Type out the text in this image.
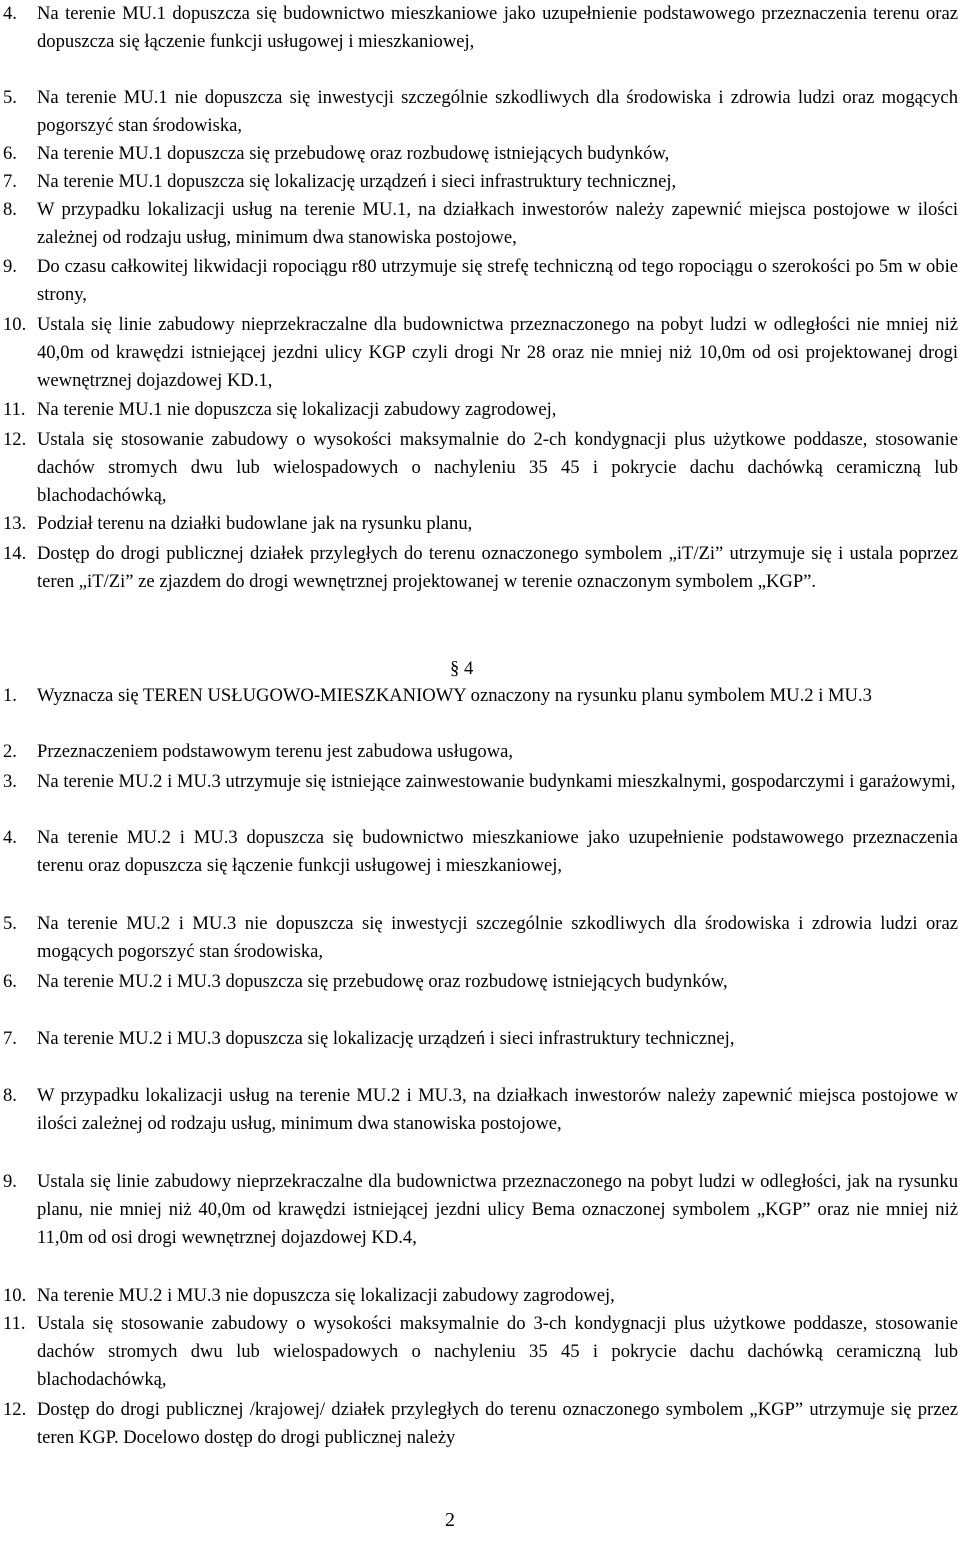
4. Na terenie MU.1 dopuszcza się budownictwo mieszkaniowe jako uzupełnienie podstawowego przeznaczenia terenu oraz dopuszcza się łączenie funkcji usługowej i mieszkaniowej,
5. Na terenie MU.1 nie dopuszcza się inwestycji szczególnie szkodliwych dla środowiska i zdrowia ludzi oraz mogących pogorszyć stan środowiska,
6. Na terenie MU.1 dopuszcza się przebudowę oraz rozbudowę istniejących budynków,
7. Na terenie MU.1 dopuszcza się lokalizację urządzeń i sieci infrastruktury technicznej,
8. W przypadku lokalizacji usług na terenie MU.1, na działkach inwestorów należy zapewnić miejsca postojowe w ilości zależnej od rodzaju usług, minimum dwa stanowiska postojowe,
9. Do czasu całkowitej likwidacji ropociągu r80 utrzymuje się strefę techniczną od tego ropociągu o szerokości po 5m w obie strony,
10. Ustala się linie zabudowy nieprzekraczalne dla budownictwa przeznaczonego na pobyt ludzi w odległości nie mniej niż 40,0m od krawędzi istniejącej jezdni ulicy KGP czyli drogi Nr 28 oraz nie mniej niż 10,0m od osi projektowanej drogi wewnętrznej dojazdowej KD.1,
11. Na terenie MU.1 nie dopuszcza się lokalizacji zabudowy zagrodowej,
12. Ustala się stosowanie zabudowy o wysokości maksymalnie do 2-ch kondygnacji plus użytkowe poddasze, stosowanie dachów stromych dwu lub wielospadowych o nachyleniu 35 45 i pokrycie dachu dachówką ceramiczną lub blachodachówką,
13. Podział terenu na działki budowlane jak na rysunku planu,
14. Dostęp do drogi publicznej działek przyległych do terenu oznaczonego symbolem „iT/Zi” utrzymuje się i ustala poprzez teren „iT/Zi” ze zjazdem do drogi wewnętrznej projektowanej w terenie oznaczonym symbolem „KGP”.
§ 4
1. Wyznacza się TEREN USŁUGOWO-MIESZKANIOWY oznaczony na rysunku planu symbolem MU.2 i MU.3
2. Przeznaczeniem podstawowym terenu jest zabudowa usługowa,
3. Na terenie MU.2 i MU.3 utrzymuje się istniejące zainwestowanie budynkami mieszkalnymi, gospodarczymi i garażowymi,
4. Na terenie MU.2 i MU.3 dopuszcza się budownictwo mieszkaniowe jako uzupełnienie podstawowego przeznaczenia terenu oraz dopuszcza się łączenie funkcji usługowej i mieszkaniowej,
5. Na terenie MU.2 i MU.3 nie dopuszcza się inwestycji szczególnie szkodliwych dla środowiska i zdrowia ludzi oraz mogących pogorszyć stan środowiska,
6. Na terenie MU.2 i MU.3 dopuszcza się przebudowę oraz rozbudowę istniejących budynków,
7. Na terenie MU.2 i MU.3 dopuszcza się lokalizację urządzeń i sieci infrastruktury technicznej,
8. W przypadku lokalizacji usług na terenie MU.2 i MU.3, na działkach inwestorów należy zapewnić miejsca postojowe w ilości zależnej od rodzaju usług, minimum dwa stanowiska postojowe,
9. Ustala się linie zabudowy nieprzekraczalne dla budownictwa przeznaczonego na pobyt ludzi w odległości, jak na rysunku planu, nie mniej niż 40,0m od krawędzi istniejącej jezdni ulicy Bema oznaczonej symbolem „KGP” oraz nie mniej niż 11,0m od osi drogi wewnętrznej dojazdowej KD.4,
10. Na terenie MU.2 i MU.3 nie dopuszcza się lokalizacji zabudowy zagrodowej,
11. Ustala się stosowanie zabudowy o wysokości maksymalnie do 3-ch kondygnacji plus użytkowe poddasze, stosowanie dachów stromych dwu lub wielospadowych o nachyleniu 35 45 i pokrycie dachu dachówką ceramiczną lub blachodachówką,
12. Dostęp do drogi publicznej /krajowej/ działek przyległych do terenu oznaczonego symbolem „KGP” utrzymuje się przez teren KGP. Docelowo dostęp do drogi publicznej należy
2
